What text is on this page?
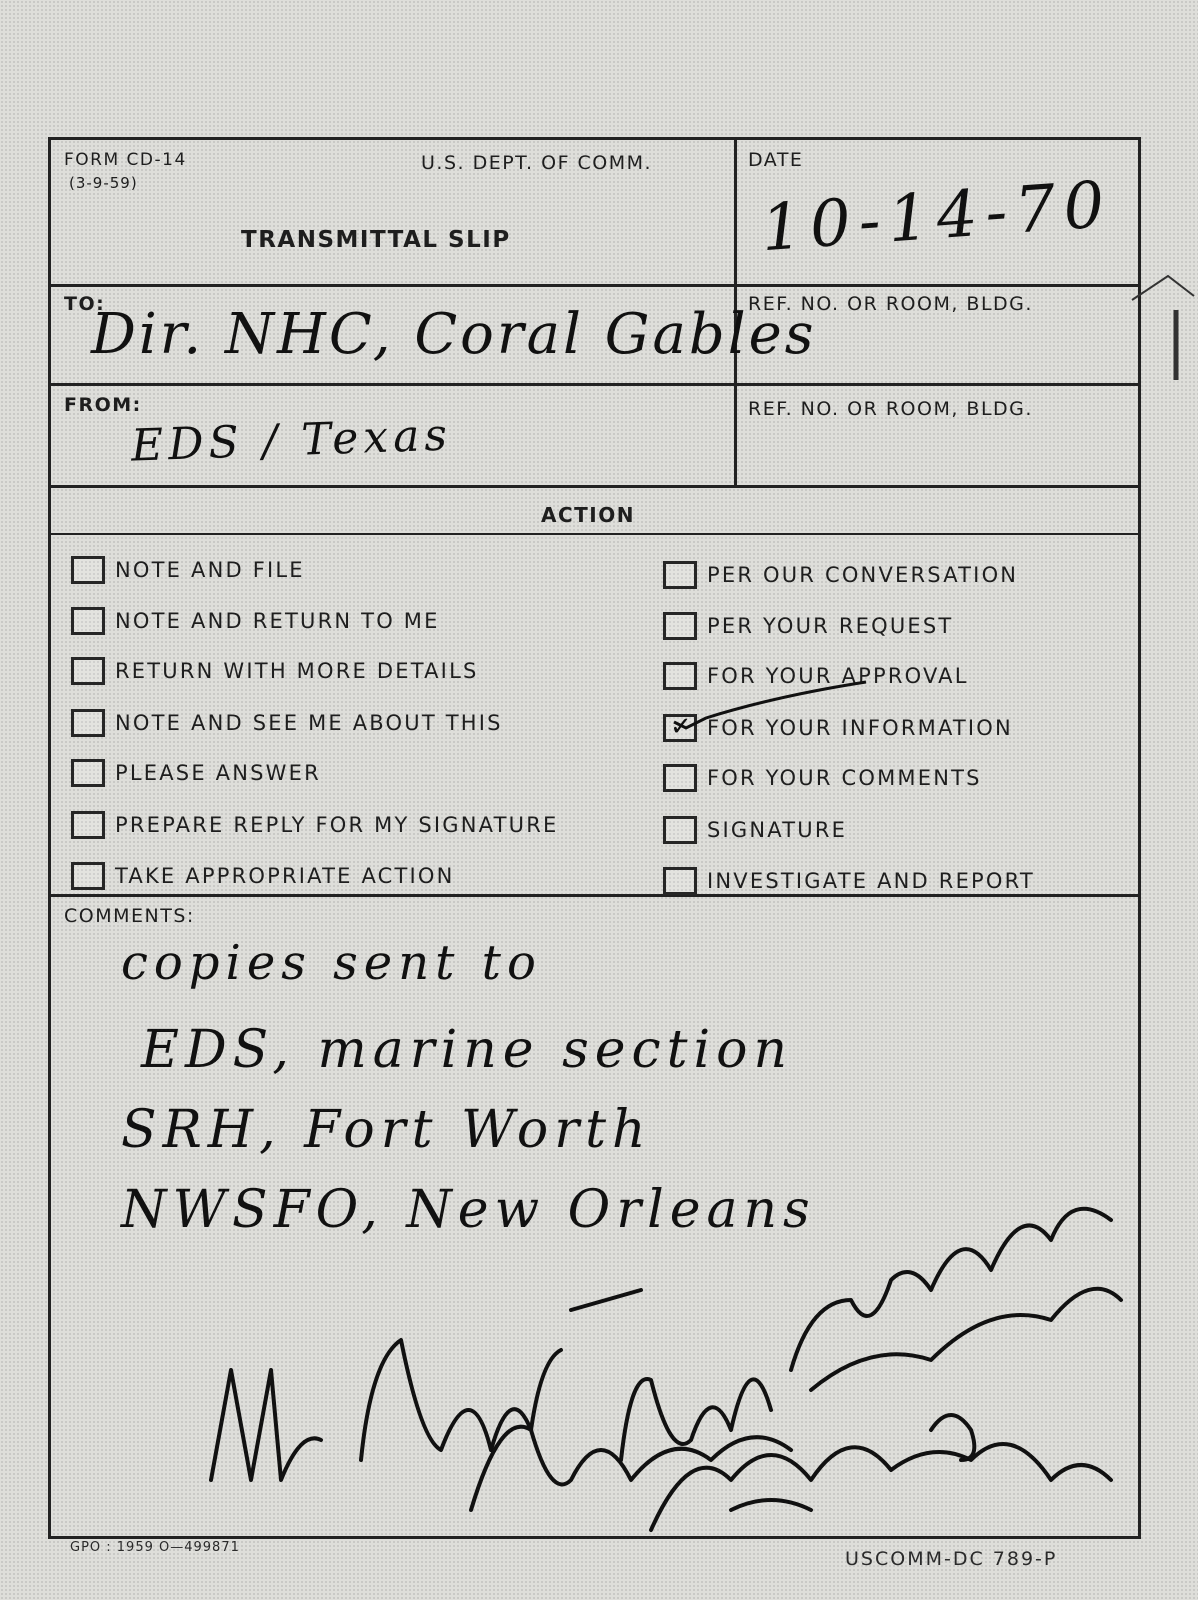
FORM CD-14
(3-9-59)
U.S. DEPT. OF COMM.
TRANSMITTAL SLIP
DATE
10-14-70
TO:
Dir. NHC, Coral Gables
REF. NO. OR ROOM, BLDG.
FROM:
EDS / Texas
REF. NO. OR ROOM, BLDG.
ACTION
NOTE AND FILE
NOTE AND RETURN TO ME
RETURN WITH MORE DETAILS
NOTE AND SEE ME ABOUT THIS
PLEASE ANSWER
PREPARE REPLY FOR MY SIGNATURE
TAKE APPROPRIATE ACTION
PER OUR CONVERSATION
PER YOUR REQUEST
FOR YOUR APPROVAL
✓ FOR YOUR INFORMATION
FOR YOUR COMMENTS
SIGNATURE
INVESTIGATE AND REPORT
COMMENTS:
copies sent to
EDS, marine section
SRH, Fort Worth
NWSFO, New Orleans
GPO : 1959 O—499871
USCOMM-DC 789-P
